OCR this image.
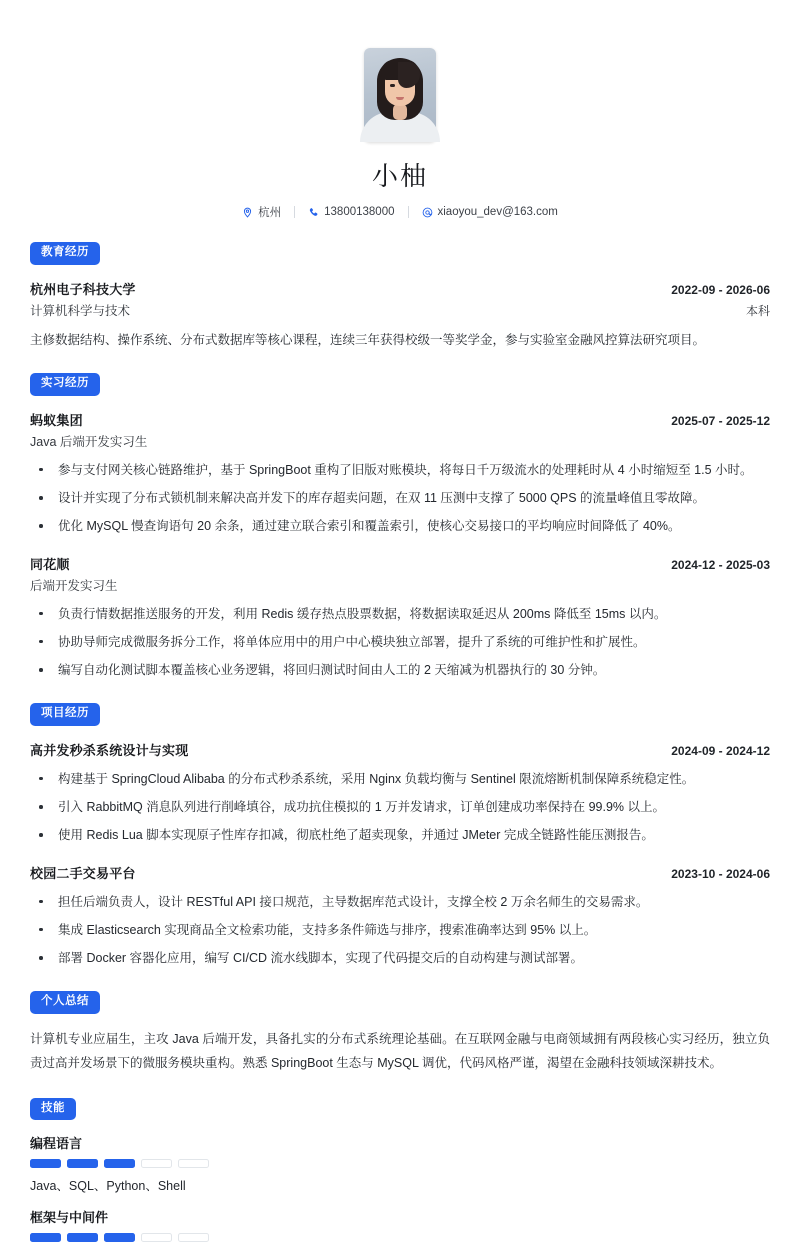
小柚
杭州	13800138000	xiaoyou_dev@163.com
教育经历
杭州电子科技大学	2022-09 - 2026-06
计算机科学与技术	本科
主修数据结构、操作系统、分布式数据库等核心课程，连续三年获得校级一等奖学金，参与实验室金融风控算法研究项目。
实习经历
蚂蚁集团	2025-07 - 2025-12
Java 后端开发实习生
参与支付网关核心链路维护，基于 SpringBoot 重构了旧版对账模块，将每日千万级流水的处理耗时从 4 小时缩短至 1.5 小时。
设计并实现了分布式锁机制来解决高并发下的库存超卖问题，在双 11 压测中支撑了 5000 QPS 的流量峰值且零故障。
优化 MySQL 慢查询语句 20 余条，通过建立联合索引和覆盖索引，使核心交易接口的平均响应时间降低了 40%。
同花顺	2024-12 - 2025-03
后端开发实习生
负责行情数据推送服务的开发，利用 Redis 缓存热点股票数据，将数据读取延迟从 200ms 降低至 15ms 以内。
协助导师完成微服务拆分工作，将单体应用中的用户中心模块独立部署，提升了系统的可维护性和扩展性。
编写自动化测试脚本覆盖核心业务逻辑，将回归测试时间由人工的 2 天缩减为机器执行的 30 分钟。
项目经历
高并发秒杀系统设计与实现	2024-09 - 2024-12
构建基于 SpringCloud Alibaba 的分布式秒杀系统，采用 Nginx 负载均衡与 Sentinel 限流熔断机制保障系统稳定性。
引入 RabbitMQ 消息队列进行削峰填谷，成功抗住模拟的 1 万并发请求，订单创建成功率保持在 99.9% 以上。
使用 Redis Lua 脚本实现原子性库存扣减，彻底杜绝了超卖现象，并通过 JMeter 完成全链路性能压测报告。
校园二手交易平台	2023-10 - 2024-06
担任后端负责人，设计 RESTful API 接口规范，主导数据库范式设计，支撑全校 2 万余名师生的交易需求。
集成 Elasticsearch 实现商品全文检索功能，支持多条件筛选与排序，搜索准确率达到 95% 以上。
部署 Docker 容器化应用，编写 CI/CD 流水线脚本，实现了代码提交后的自动构建与测试部署。
个人总结
计算机专业应届生，主攻 Java 后端开发，具备扎实的分布式系统理论基础。在互联网金融与电商领域拥有两段核心实习经历，独立负责过高并发场景下的微服务模块重构。熟悉 SpringBoot 生态与 MySQL 调优，代码风格严谨，渴望在金融科技领域深耕技术。
技能
编程语言
Java、SQL、Python、Shell
框架与中间件
